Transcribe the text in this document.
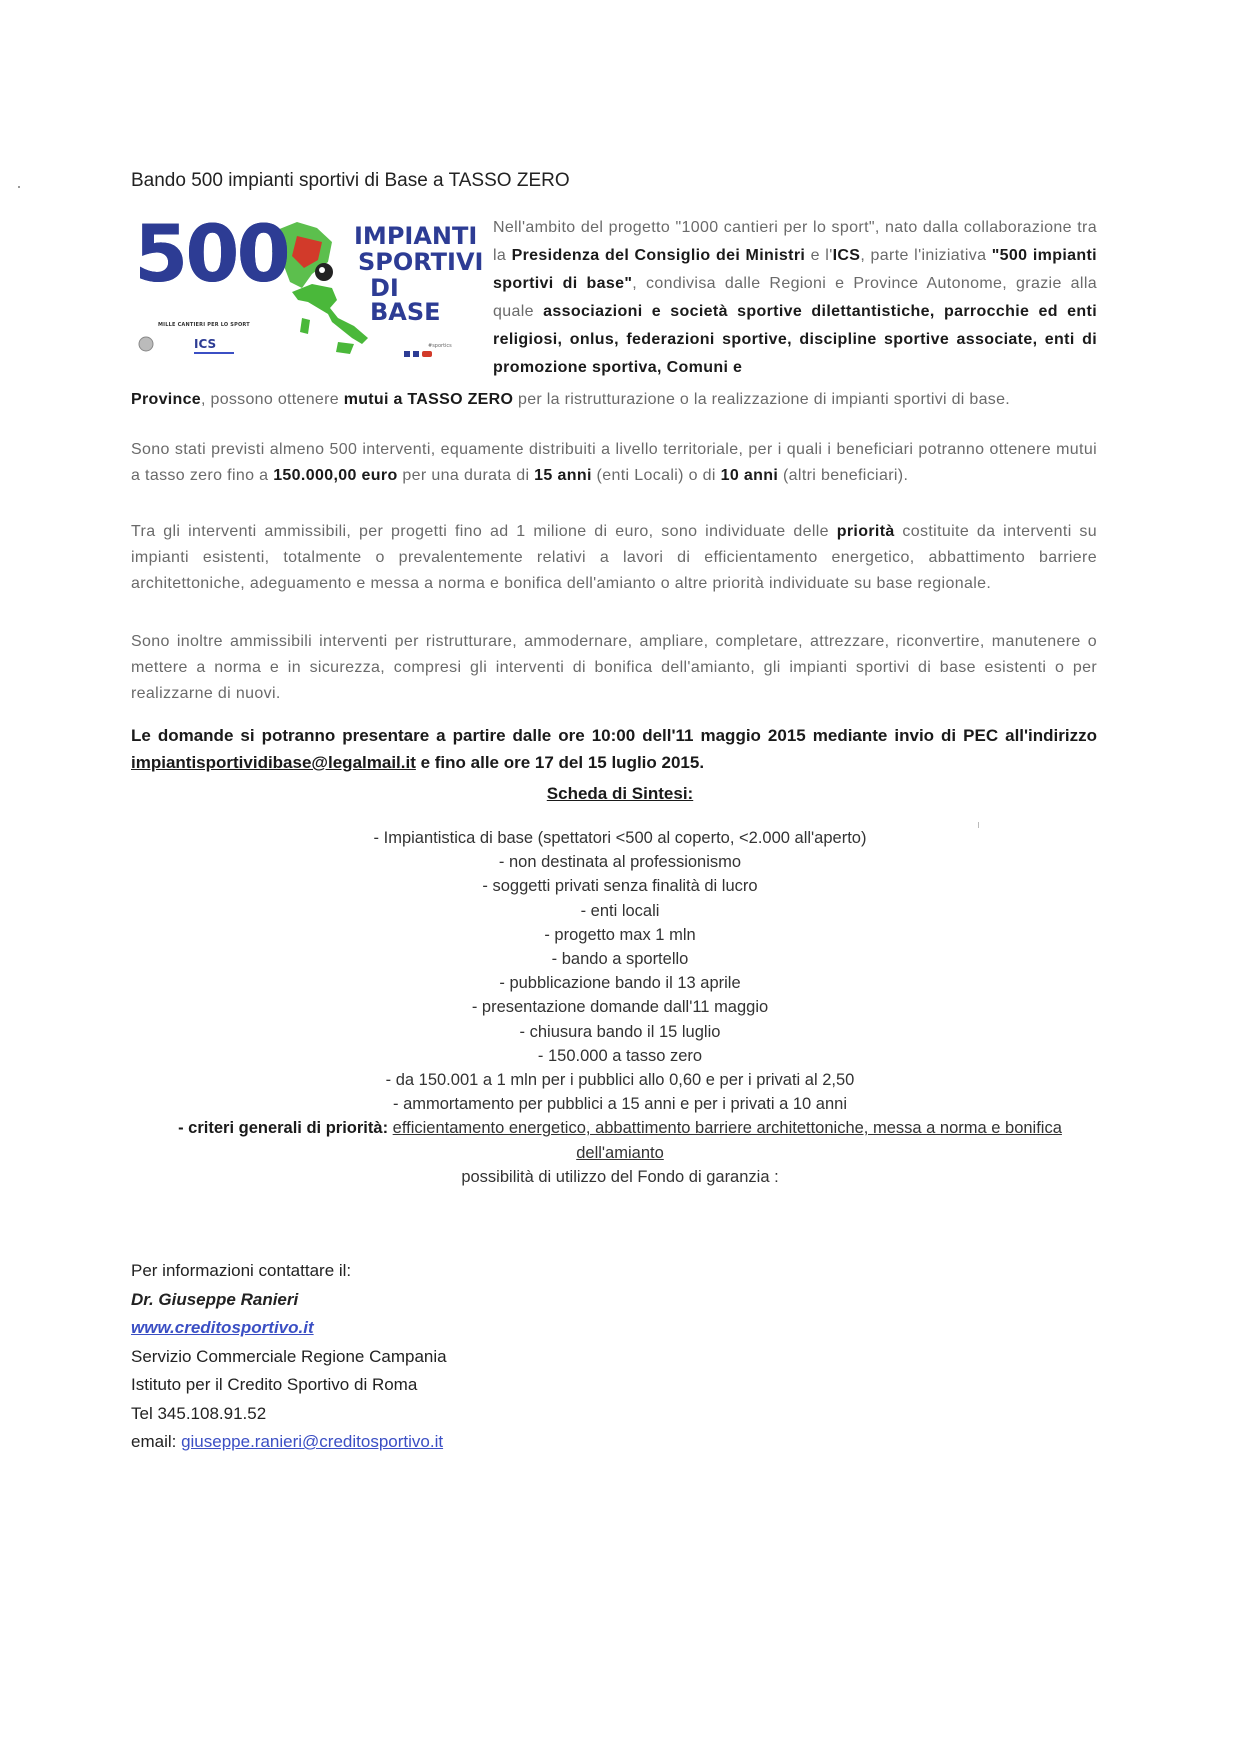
Bando 500 impianti sportivi di Base a TASSO ZERO
500	IMPIANTI
SPORTIVI
DI BASE
MILLE CANTIERI PER LO SPORT
ICS	#sportics
Nell'ambito del progetto "1000 cantieri per lo sport", nato dalla collaborazione tra la Presidenza del Consiglio dei Ministri e l'ICS, parte l'iniziativa "500 impianti sportivi di base", condivisa dalle Regioni e Province Autonome, grazie alla quale associazioni e società sportive dilettantistiche, parrocchie ed enti religiosi, onlus, federazioni sportive, discipline sportive associate, enti di promozione sportiva, Comuni e
Province, possono ottenere mutui a TASSO ZERO per la ristrutturazione o la realizzazione di impianti sportivi di base.
Sono stati previsti almeno 500 interventi, equamente distribuiti a livello territoriale, per i quali i beneficiari potranno ottenere mutui a tasso zero fino a 150.000,00 euro per una durata di 15 anni (enti Locali) o di 10 anni (altri beneficiari).
Tra gli interventi ammissibili, per progetti fino ad 1 milione di euro, sono individuate delle priorità costituite da interventi su impianti esistenti, totalmente o prevalentemente relativi a lavori di efficientamento energetico, abbattimento barriere architettoniche, adeguamento e messa a norma e bonifica dell'amianto o altre priorità individuate su base regionale.
Sono inoltre ammissibili interventi per ristrutturare, ammodernare, ampliare, completare, attrezzare, riconvertire, manutenere o mettere a norma e in sicurezza, compresi gli interventi di bonifica dell'amianto, gli impianti sportivi di base esistenti o per realizzarne di nuovi.
Le domande si potranno presentare a partire dalle ore 10:00 dell'11 maggio 2015 mediante invio di PEC all'indirizzo impiantisportividibase@legalmail.it e fino alle ore 17 del 15 luglio 2015.
Scheda di Sintesi:
- Impiantistica di base (spettatori <500 al coperto, <2.000 all'aperto)
- non destinata al professionismo
- soggetti privati senza finalità di lucro
- enti locali
- progetto max 1 mln
- bando a sportello
- pubblicazione bando il 13 aprile
- presentazione domande dall'11 maggio
- chiusura bando il 15 luglio
- 150.000 a tasso zero
- da 150.001 a 1 mln per i pubblici allo 0,60 e per i privati al 2,50
- ammortamento per pubblici a 15 anni e per i privati a 10 anni
- criteri generali di priorità: efficientamento energetico, abbattimento barriere architettoniche, messa a norma e bonifica dell'amianto
possibilità di utilizzo del Fondo di garanzia :
Per informazioni contattare il:
Dr. Giuseppe Ranieri
www.creditosportivo.it
Servizio Commerciale Regione Campania
Istituto per il Credito Sportivo di Roma
Tel 345.108.91.52
email: giuseppe.ranieri@creditosportivo.it
